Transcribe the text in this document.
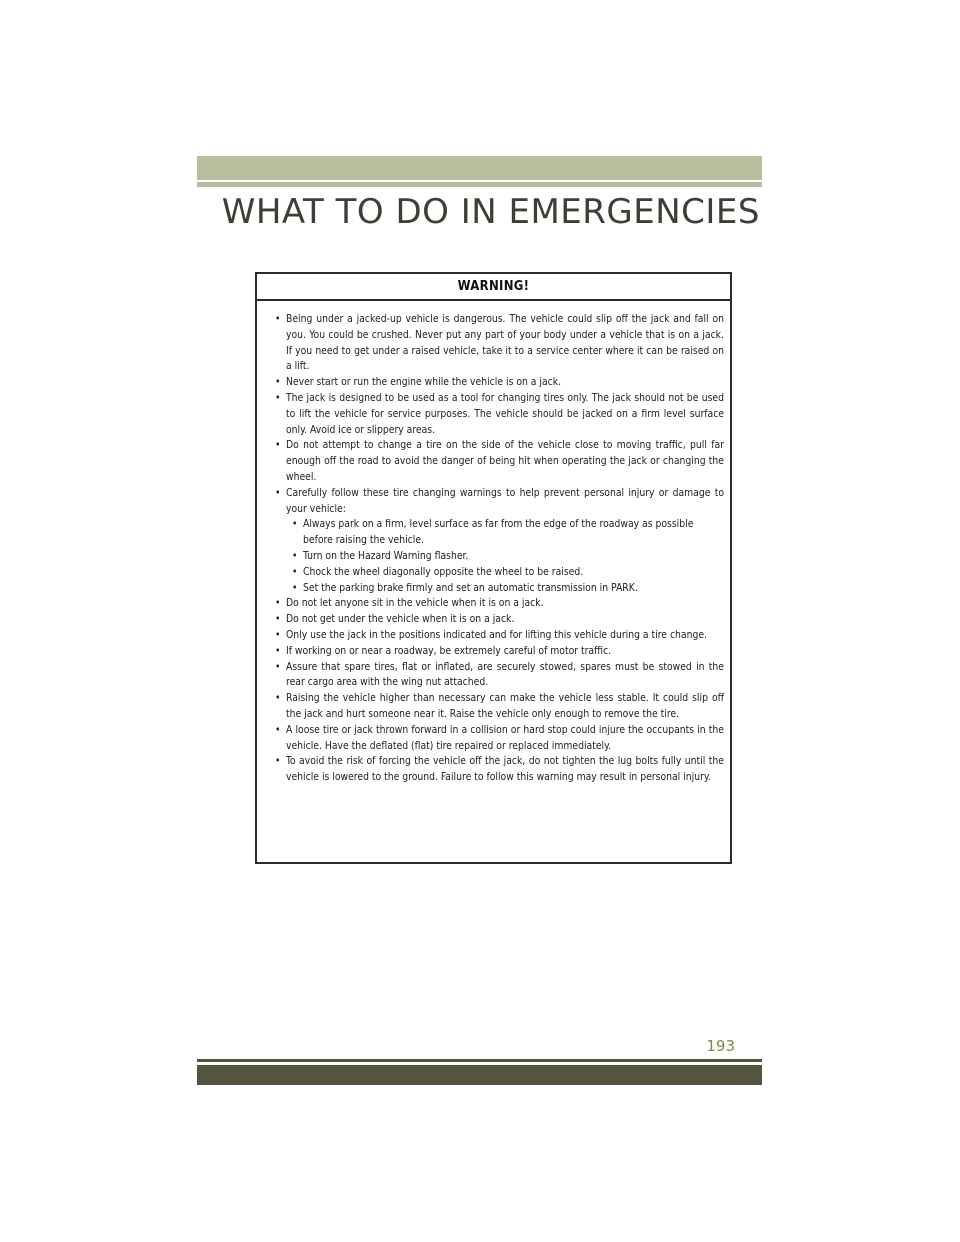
WHAT TO DO IN EMERGENCIES
WARNING!
• Being under a jacked-up vehicle is dangerous. The vehicle could slip off the jack and fall on you. You could be crushed. Never put any part of your body under a vehicle that is on a jack. If you need to get under a raised vehicle, take it to a service center where it can be raised on a lift.
• Never start or run the engine while the vehicle is on a jack.
• The jack is designed to be used as a tool for changing tires only. The jack should not be used to lift the vehicle for service purposes. The vehicle should be jacked on a firm level surface only. Avoid ice or slippery areas.
• Do not attempt to change a tire on the side of the vehicle close to moving traffic, pull far enough off the road to avoid the danger of being hit when operating the jack or changing the wheel.
• Carefully follow these tire changing warnings to help prevent personal injury or damage to your vehicle:
• Always park on a firm, level surface as far from the edge of the roadway as possible before raising the vehicle.
• Turn on the Hazard Warning flasher.
• Chock the wheel diagonally opposite the wheel to be raised.
• Set the parking brake firmly and set an automatic transmission in PARK.
• Do not let anyone sit in the vehicle when it is on a jack.
• Do not get under the vehicle when it is on a jack.
• Only use the jack in the positions indicated and for lifting this vehicle during a tire change.
• If working on or near a roadway, be extremely careful of motor traffic.
• Assure that spare tires, flat or inflated, are securely stowed, spares must be stowed in the rear cargo area with the wing nut attached.
• Raising the vehicle higher than necessary can make the vehicle less stable. It could slip off the jack and hurt someone near it. Raise the vehicle only enough to remove the tire.
• A loose tire or jack thrown forward in a collision or hard stop could injure the occupants in the vehicle. Have the deflated (flat) tire repaired or replaced immediately.
• To avoid the risk of forcing the vehicle off the jack, do not tighten the lug bolts fully until the vehicle is lowered to the ground. Failure to follow this warning may result in personal injury.
193
